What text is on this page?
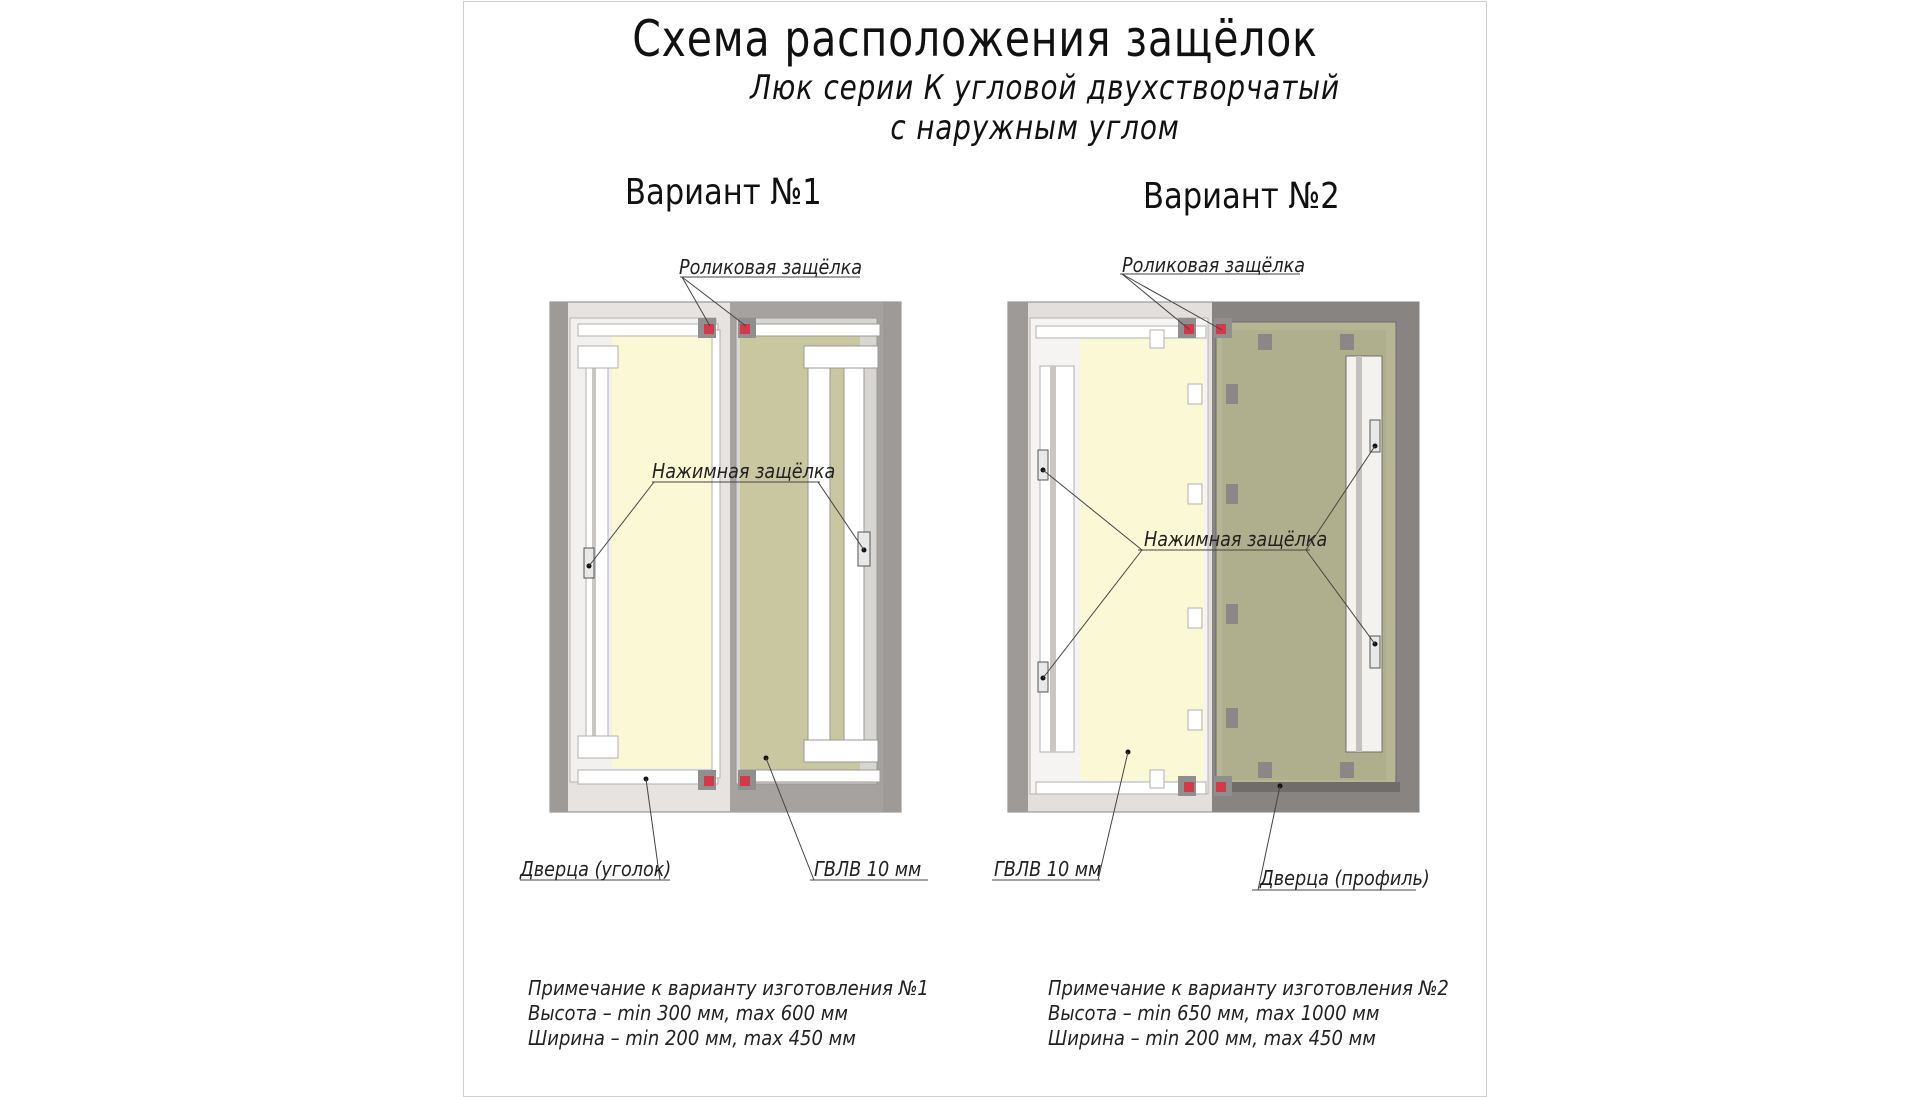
Схема расположения защёлок
Люк серии К угловой двухстворчатый
с наружным углом
Вариант №1	Вариант №2
Роликовая защёлка
Нажимная защёлка
Дверца (уголок)	ГВЛВ 10 мм
Роликовая защёлка
Нажимная защёлка
ГВЛВ 10 мм	Дверца (профиль)
Примечание к варианту изготовления №1
Высота – min 300 мм, max 600 мм
Ширина – min 200 мм, max 450 мм
Примечание к варианту изготовления №2
Высота – min 650 мм, max 1000 мм
Ширина – min 200 мм, max 450 мм
